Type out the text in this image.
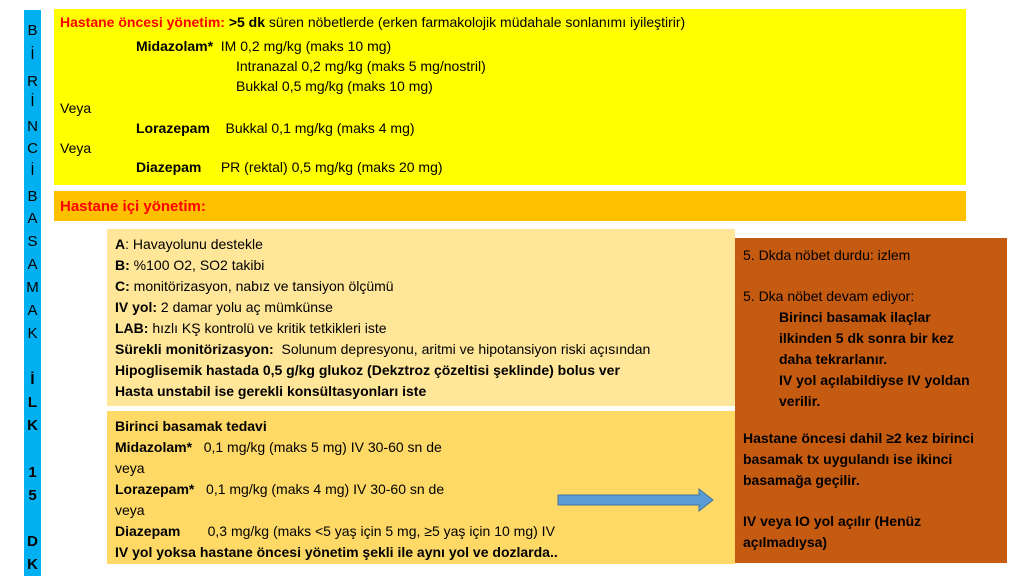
B
İ
R
İ
N
C
İ
B
A
S
A
M
A
K
İ
L
K
1
5
D
K
Hastane öncesi yönetim: >5 dk süren nöbetlerde (erken farmakolojik müdahale sonlanımı iyileştirir)
Midazolam* IM 0,2 mg/kg (maks 10 mg)
Intranazal 0,2 mg/kg (maks 5 mg/nostril)
Bukkal 0,5 mg/kg (maks 10 mg)
Veya
Lorazepam Bukkal 0,1 mg/kg (maks 4 mg)
Veya
Diazepam PR (rektal) 0,5 mg/kg (maks 20 mg)
Hastane içi yönetim:
A: Havayolunu destekle
B: %100 O2, SO2 takibi
C: monitörizasyon, nabız ve tansiyon ölçümü
IV yol: 2 damar yolu aç mümkünse
LAB: hızlı KŞ kontrolü ve kritik tetkikleri iste
Sürekli monitörizasyon: Solunum depresyonu, aritmi ve hipotansiyon riski açısından
Hipoglisemik hastada 0,5 g/kg glukoz (Dekztroz çözeltisi şeklinde) bolus ver
Hasta unstabil ise gerekli konsültasyonları iste
Birinci basamak tedavi
Midazolam* 0,1 mg/kg (maks 5 mg) IV 30-60 sn de
veya
Lorazepam* 0,1 mg/kg (maks 4 mg) IV 30-60 sn de
veya
Diazepam 0,3 mg/kg (maks <5 yaş için 5 mg, ≥5 yaş için 10 mg) IV
IV yol yoksa hastane öncesi yönetim şekli ile aynı yol ve dozlarda..
5. Dkda nöbet durdu: izlem
5. Dka nöbet devam ediyor:
Birinci basamak ilaçlar
ilkinden 5 dk sonra bir kez
daha tekrarlanır.
IV yol açılabildiyse IV yoldan
verilir.
Hastane öncesi dahil ≥2 kez birinci
basamak tx uygulandı ise ikinci
basamağa geçilir.
IV veya IO yol açılır (Henüz
açılmadıysa)
